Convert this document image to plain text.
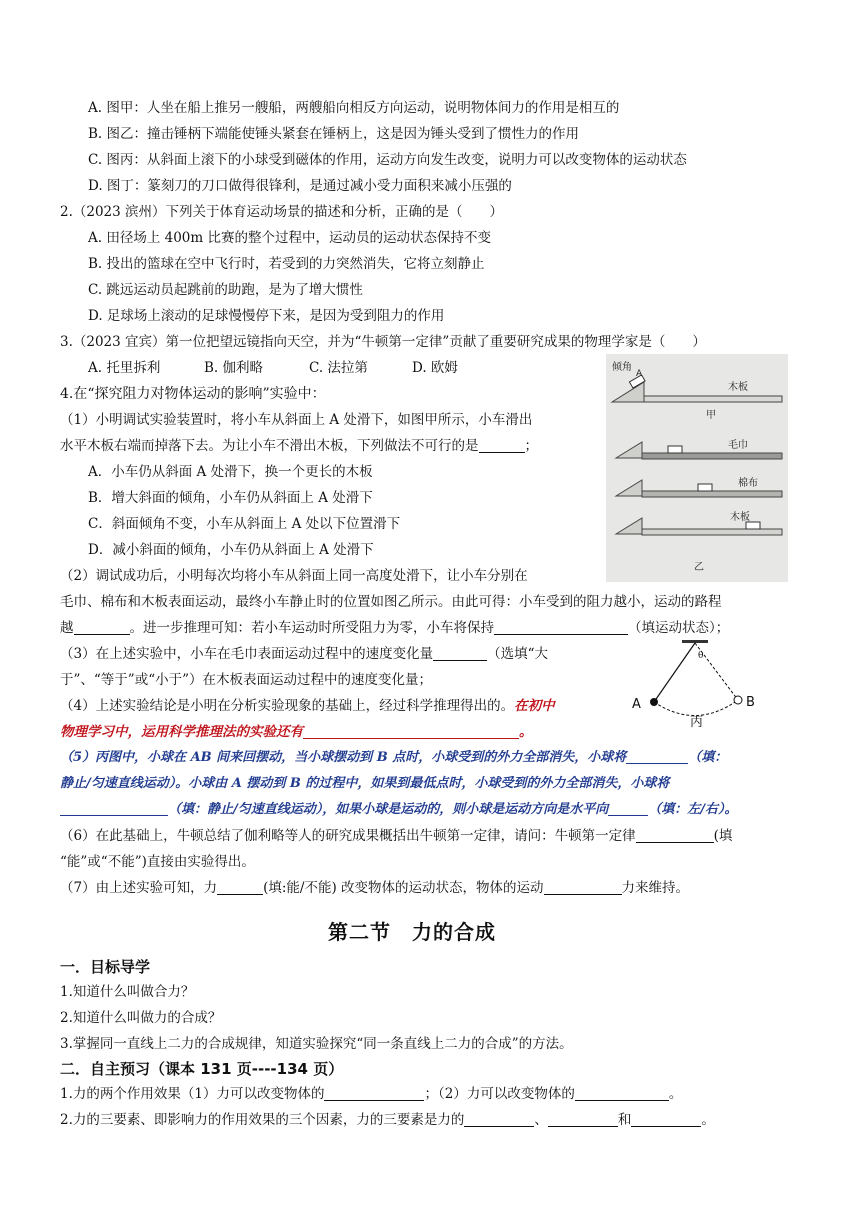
A. 图甲：人坐在船上推另一艘船，两艘船向相反方向运动，说明物体间力的作用是相互的
B. 图乙：撞击锤柄下端能使锤头紧套在锤柄上，这是因为锤头受到了惯性力的作用
C. 图丙：从斜面上滚下的小球受到磁体的作用，运动方向发生改变，说明力可以改变物体的运动状态
D. 图丁：篆刻刀的刀口做得很锋利，是通过减小受力面积来减小压强的
2.（2023 滨州）下列关于体育运动场景的描述和分析，正确的是（　　）
A. 田径场上 400m 比赛的整个过程中，运动员的运动状态保持不变
B. 投出的篮球在空中飞行时，若受到的力突然消失，它将立刻静止
C. 跳远运动员起跳前的助跑，是为了增大惯性
D. 足球场上滚动的足球慢慢停下来，是因为受到阻力的作用
3.（2023 宜宾）第一位把望远镜指向天空，并为“牛顿第一定律”贡献了重要研究成果的物理学家是（　　）
A. 托里拆利	B. 伽利略	C. 法拉第	D. 欧姆
4.在“探究阻力对物体运动的影响”实验中：
（1）小明调试实验装置时，将小车从斜面上 A 处滑下，如图甲所示，小车滑出
水平木板右端而掉落下去。为让小车不滑出木板，下列做法不可行的是	；
A．小车仍从斜面 A 处滑下，换一个更长的木板
B．增大斜面的倾角，小车仍从斜面上 A 处滑下
C．斜面倾角不变，小车从斜面上 A 处以下位置滑下
D．减小斜面的倾角，小车仍从斜面上 A 处滑下
（2）调试成功后，小明每次均将小车从斜面上同一高度处滑下，让小车分别在
毛巾、棉布和木板表面运动，最终小车静止时的位置如图乙所示。由此可得：小车受到的阻力越小，运动的路程
越	。进一步推理可知：若小车运动时所受阻力为零，小车将保持	（填运动状态）；
（3）在上述实验中，小车在毛巾表面运动过程中的速度变化量	（选填“大
于”、“等于”或“小于”）在木板表面运动过程中的速度变化量；
（4）上述实验结论是小明在分析实验现象的基础上，经过科学推理得出的。在初中
物理学习中，运用科学推理法的实验还有	。
（5）丙图中，小球在 AB 间来回摆动，当小球摆动到 B 点时，小球受到的外力全部消失，小球将	（填：
静止/匀速直线运动）。小球由 A 摆动到 B 的过程中，如果到最低点时，小球受到的外力全部消失，小球将
（填：静止/匀速直线运动），如果小球是运动的，则小球是运动方向是水平向	（填：左/右）。
（6）在此基础上，牛顿总结了伽利略等人的研究成果概括出牛顿第一定律，请问：牛顿第一定律	(填
“能”或“不能”)直接由实验得出。
（7）由上述实验可知，力	(填:能/不能) 改变物体的运动状态，物体的运动	力来维持。
倾角
A
木板
甲
毛巾
棉布
木板
乙
θ
A	B
丙
第二节　力的合成
一．目标导学
1.知道什么叫做合力？
2.知道什么叫做力的合成？
3.掌握同一直线上二力的合成规律，知道实验探究“同一条直线上二力的合成”的方法。
二．自主预习（课本 131 页----134 页）
1.力的两个作用效果（1）力可以改变物体的	；（2）力可以改变物体的	。
2.力的三要素、即影响力的作用效果的三个因素，力的三要素是力的	、	和	。
